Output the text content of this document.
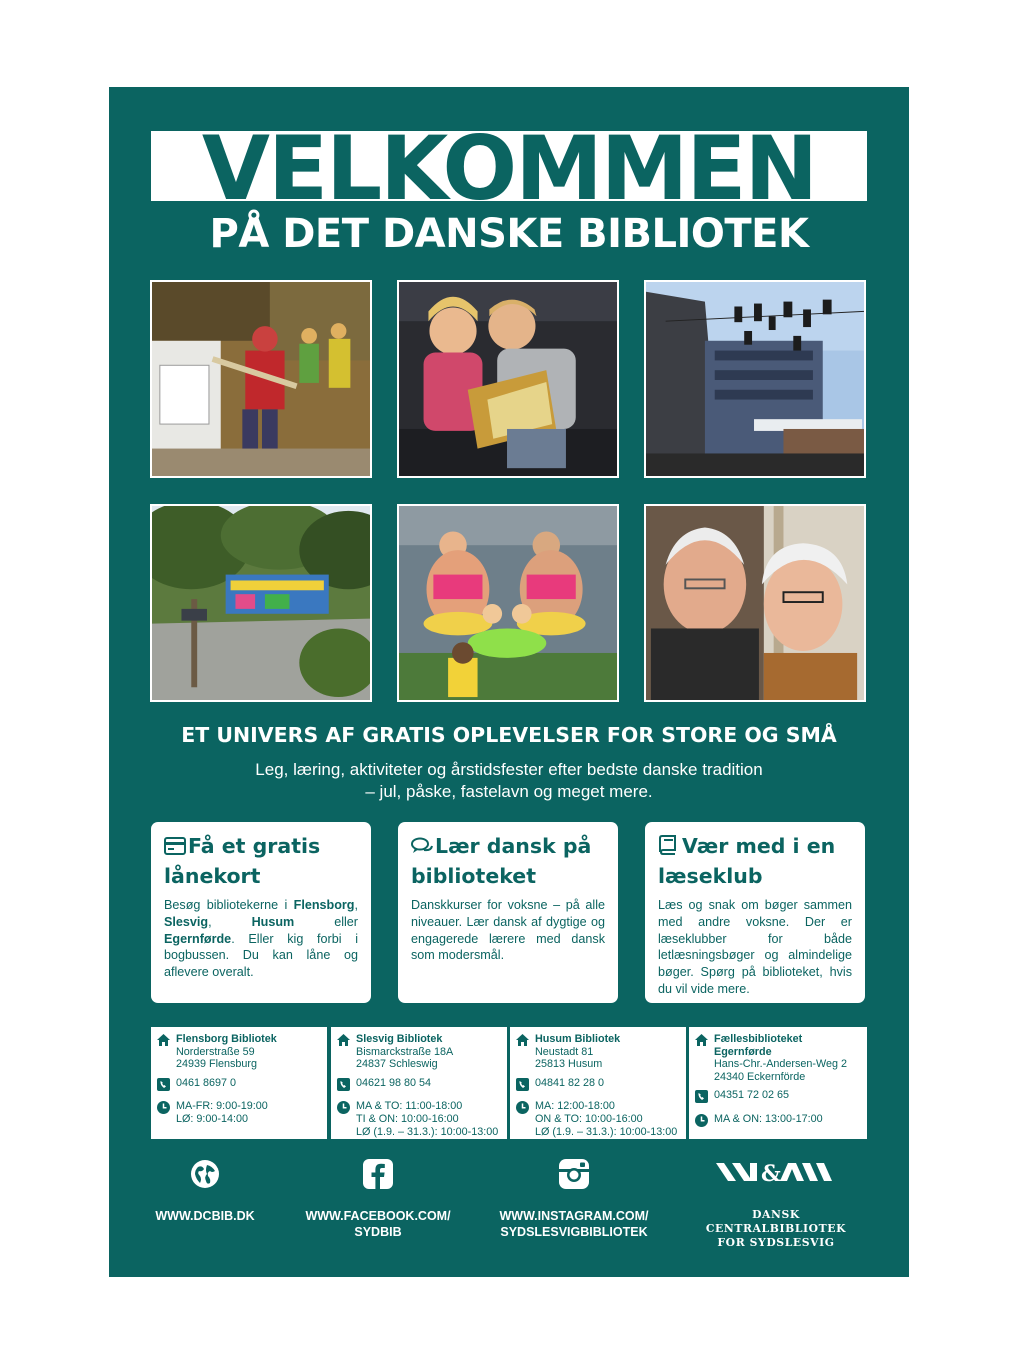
VELKOMMEN
PÅ DET DANSKE BIBLIOTEK
ET UNIVERS AF GRATIS OPLEVELSER FOR STORE OG SMÅ
Leg, læring, aktiviteter og årstidsfester efter bedste danske tradition
– jul, påske, fastelavn og meget mere.
Få et gratis
lånekort

Besøg bibliotekerne i Flensborg, Slesvig, Husum eller Egernførde. Eller kig forbi i bogbussen. Du kan låne og aflevere overalt.

Lær dansk på
biblioteket

Danskkurser for voksne – på alle niveauer. Lær dansk af dygtige og engagerede lærere med dansk som modersmål.

Vær med i en
læseklub

Læs og snak om bøger sammen med andre voksne. Der er læseklubber for både letlæsningsbøger og almindelige bøger. Spørg på biblioteket, hvis du vil vide mere.

Flensborg Bibliotek
Norderstraße 59
24939 Flensburg
0461 8697 0
MA-FR: 9:00-19:00
LØ: 9:00-14:00
Slesvig Bibliotek
Bismarckstraße 18A
24837 Schleswig
04621 98 80 54
MA & TO: 11:00-18:00
TI & ON: 10:00-16:00
LØ (1.9. – 31.3.): 10:00-13:00
Husum Bibliotek
Neustadt 81
25813 Husum
04841 82 28 0
MA: 12:00-18:00
ON & TO: 10:00-16:00
LØ (1.9. – 31.3.): 10:00-13:00
Fællesbiblioteket Egernførde
Hans-Chr.-Andersen-Weg 2
24340 Eckernförde
04351 72 02 65
MA & ON: 13:00-17:00
WWW.DCBIB.DK	WWW.FACEBOOK.COM/
SYDBIB
WWW.INSTAGRAM.COM/
SYDSLESVIGBIBLIOTEK
&
DANSK CENTRALBIBLIOTEK
FOR SYDSLESVIG
